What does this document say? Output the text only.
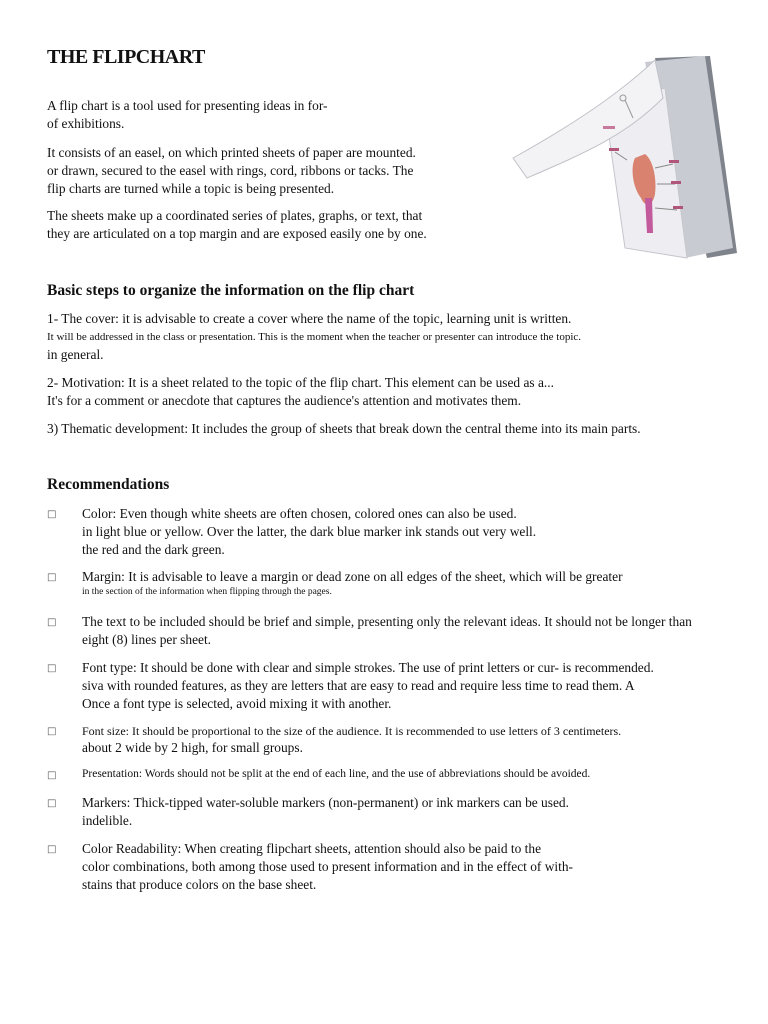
THE FLIPCHART
A flip chart is a tool used for presenting ideas in for-
of exhibitions.
It consists of an easel, on which printed sheets of paper are mounted.
or drawn, secured to the easel with rings, cord, ribbons or tacks. The
flip charts are turned while a topic is being presented.
The sheets make up a coordinated series of plates, graphs, or text, that
they are articulated on a top margin and are exposed easily one by one.
Basic steps to organize the information on the flip chart
1- The cover: it is advisable to create a cover where the name of the topic, learning unit is written.
It will be addressed in the class or presentation. This is the moment when the teacher or presenter can introduce the topic.
in general.
2- Motivation: It is a sheet related to the topic of the flip chart. This element can be used as a...
It's for a comment or anecdote that captures the audience's attention and motivates them.
3) Thematic development: It includes the group of sheets that break down the central theme into its main parts.
Recommendations
□ Color: Even though white sheets are often chosen, colored ones can also be used.
in light blue or yellow. Over the latter, the dark blue marker ink stands out very well.
the red and the dark green.
□ Margin: It is advisable to leave a margin or dead zone on all edges of the sheet, which will be greater
in the section of the information when flipping through the pages.
□ The text to be included should be brief and simple, presenting only the relevant ideas. It should not be longer than
eight (8) lines per sheet.
□ Font type: It should be done with clear and simple strokes. The use of print letters or cur- is recommended.
siva with rounded features, as they are letters that are easy to read and require less time to read them. A
Once a font type is selected, avoid mixing it with another.
□ Font size: It should be proportional to the size of the audience. It is recommended to use letters of 3 centimeters.
about 2 wide by 2 high, for small groups.
□ Presentation: Words should not be split at the end of each line, and the use of abbreviations should be avoided.
□ Markers: Thick-tipped water-soluble markers (non-permanent) or ink markers can be used.
indelible.
□ Color Readability: When creating flipchart sheets, attention should also be paid to the
color combinations, both among those used to present information and in the effect of with-
stains that produce colors on the base sheet.
